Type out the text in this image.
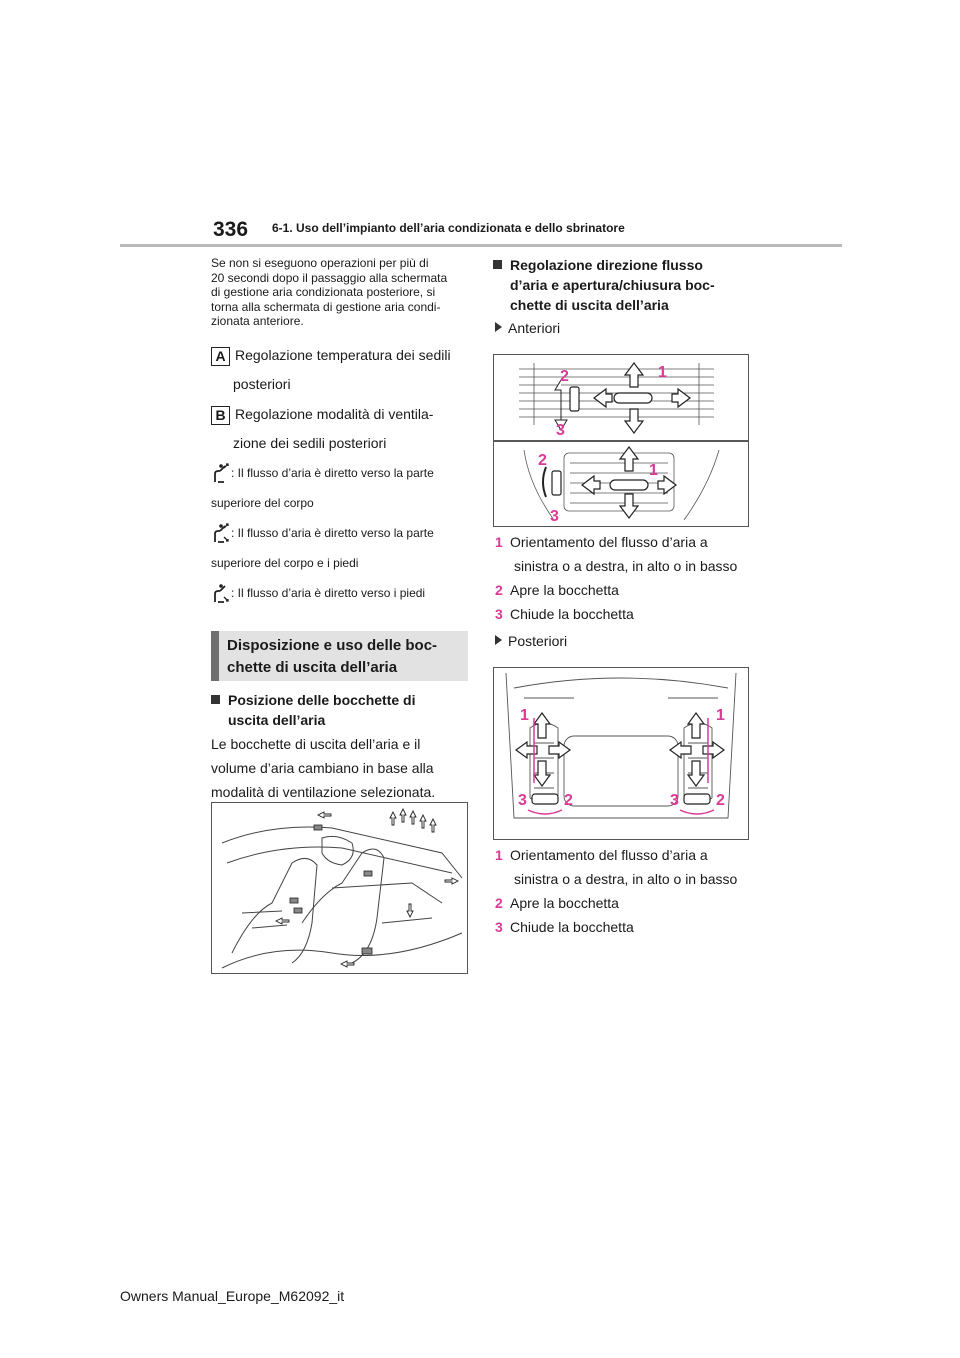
336 6-1. Uso dell’impianto dell’aria condizionata e dello sbrinatore
Se non si eseguono operazioni per più di
20 secondi dopo il passaggio alla schermata
di gestione aria condizionata posteriore, si
torna alla schermata di gestione aria condi-
zionata anteriore.
A Regolazione temperatura dei sedili
posteriori
B Regolazione modalità di ventila-
zione dei sedili posteriori
: Il flusso d’aria è diretto verso la parte
superiore del corpo
: Il flusso d’aria è diretto verso la parte
superiore del corpo e i piedi
: Il flusso d’aria è diretto verso i piedi
Disposizione e uso delle boc-
chette di uscita dell’aria
Posizione delle bocchette di
uscita dell’aria
Le bocchette di uscita dell’aria e il
volume d’aria cambiano in base alla
modalità di ventilazione selezionata.
Regolazione direzione flusso
d’aria e apertura/chiusura boc-
chette di uscita dell’aria
Anteriori
2	1
3
2
1
3
1 Orientamento del flusso d’aria a
sinistra o a destra, in alto o in basso
2 Apre la bocchetta
3 Chiude la bocchetta
Posteriori
1	1
3 2	3 2
1 Orientamento del flusso d’aria a
sinistra o a destra, in alto o in basso
2 Apre la bocchetta
3 Chiude la bocchetta
Owners Manual_Europe_M62092_it
